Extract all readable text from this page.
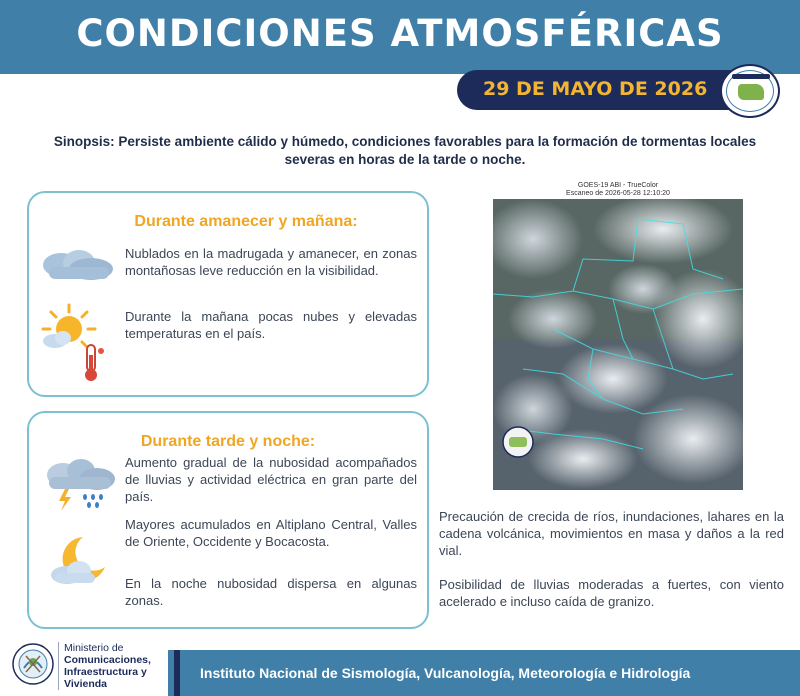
CONDICIONES ATMOSFÉRICAS
29 DE MAYO DE 2026
Sinopsis: Persiste ambiente cálido y húmedo, condiciones favorables para la formación de tormentas locales severas en horas de la tarde o noche.
Durante amanecer y mañana:
Nublados en la madrugada y amanecer, en zonas montañosas leve reducción en la visibilidad.
Durante la mañana pocas nubes y elevadas temperaturas en el país.
Durante tarde y noche:
Aumento gradual de la nubosidad acompañados de lluvias y actividad eléctrica en gran parte del país.
Mayores acumulados en Altiplano Central, Valles de Oriente, Occidente y Bocacosta.
En la noche nubosidad dispersa en algunas zonas.
GOES-19 ABI - TrueColor
Escaneo de 2026-05-28 12:10:20
Precaución de crecida de ríos, inundaciones, lahares en la cadena volcánica, movimientos en masa y daños a la red vial.
Posibilidad de lluvias moderadas a fuertes, con viento acelerado e incluso caída de granizo.
Ministerio de
Comunicaciones,
Infraestructura y
Vivienda
Instituto Nacional de Sismología, Vulcanología, Meteorología e Hidrología
